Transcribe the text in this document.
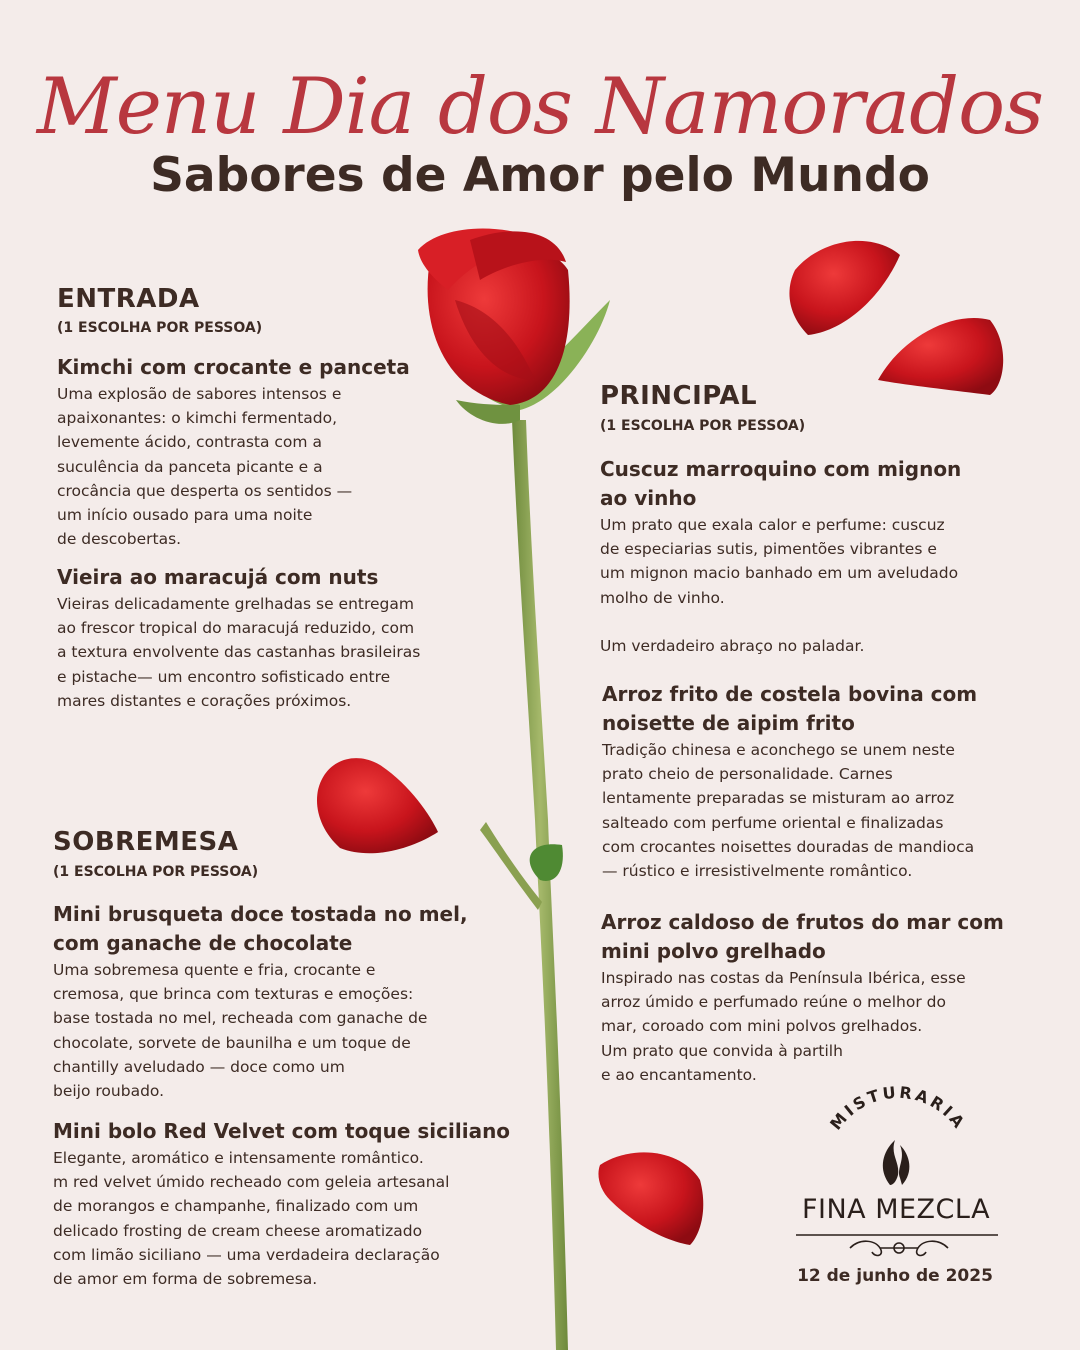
Menu Dia dos Namorados
Sabores de Amor pelo Mundo
ENTRADA
(1 ESCOLHA POR PESSOA)
Kimchi com crocante e panceta
Uma explosão de sabores intensos e
apaixonantes: o kimchi fermentado,
levemente ácido, contrasta com a
suculência da panceta picante e a
crocância que desperta os sentidos —
um início ousado para uma noite
de descobertas.
Vieira ao maracujá com nuts
Vieiras delicadamente grelhadas se entregam
ao frescor tropical do maracujá reduzido, com
a textura envolvente das castanhas brasileiras
e pistache— um encontro sofisticado entre
mares distantes e corações próximos.
SOBREMESA
(1 ESCOLHA POR PESSOA)
Mini brusqueta doce tostada no mel,
com ganache de chocolate
Uma sobremesa quente e fria, crocante e
cremosa, que brinca com texturas e emoções:
base tostada no mel, recheada com ganache de
chocolate, sorvete de baunilha e um toque de
chantilly aveludado — doce como um
beijo roubado.
Mini bolo Red Velvet com toque siciliano
Elegante, aromático e intensamente romântico.
m red velvet úmido recheado com geleia artesanal
de morangos e champanhe, finalizado com um
delicado frosting de cream cheese aromatizado
com limão siciliano — uma verdadeira declaração
de amor em forma de sobremesa.
PRINCIPAL
(1 ESCOLHA POR PESSOA)
Cuscuz marroquino com mignon
ao vinho
Um prato que exala calor e perfume: cuscuz
de especiarias sutis, pimentões vibrantes e
um mignon macio banhado em um aveludado
molho de vinho.

Um verdadeiro abraço no paladar.
Arroz frito de costela bovina com
noisette de aipim frito
Tradição chinesa e aconchego se unem neste
prato cheio de personalidade. Carnes
lentamente preparadas se misturam ao arroz
salteado com perfume oriental e finalizadas
com crocantes noisettes douradas de mandioca
— rústico e irresistivelmente romântico.
Arroz caldoso de frutos do mar com
mini polvo grelhado
Inspirado nas costas da Península Ibérica, esse
arroz úmido e perfumado reúne o melhor do
mar, coroado com mini polvos grelhados.
Um prato que convida à partilh
e ao encantamento.
MISTURARIA
FINA MEZCLA
12 de junho de 2025
